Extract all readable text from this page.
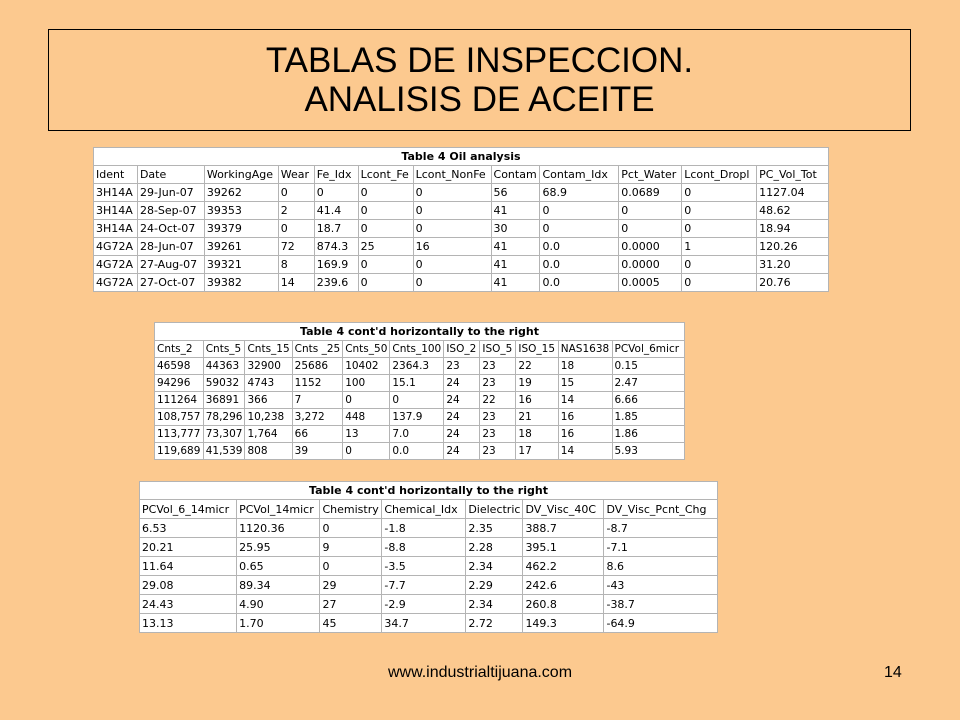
TABLAS DE INSPECCION.
ANALISIS DE ACEITE
Table 4 Oil analysis
Ident	Date	WorkingAge	Wear	Fe_Idx	Lcont_Fe	Lcont_NonFe	Contam	Contam_Idx	Pct_Water	Lcont_Dropl	PC_Vol_Tot
3H14A	29-Jun-07	39262	0	0	0	0	56	68.9	0.0689	0	1127.04
3H14A	28-Sep-07	39353	2	41.4	0	0	41	0	0	0	48.62
3H14A	24-Oct-07	39379	0	18.7	0	0	30	0	0	0	18.94
4G72A	28-Jun-07	39261	72	874.3	25	16	41	0.0	0.0000	1	120.26
4G72A	27-Aug-07	39321	8	169.9	0	0	41	0.0	0.0000	0	31.20
4G72A	27-Oct-07	39382	14	239.6	0	0	41	0.0	0.0005	0	20.76
Table 4 cont'd horizontally to the right
Cnts_2	Cnts_5	Cnts_15	Cnts _25	Cnts_50	Cnts_100	ISO_2	ISO_5	ISO_15	NAS1638	PCVol_6micr
46598	44363	32900	25686	10402	2364.3	23	23	22	18	0.15
94296	59032	4743	1152	100	15.1	24	23	19	15	2.47
111264	36891	366	7	0	0	24	22	16	14	6.66
108,757	78,296	10,238	3,272	448	137.9	24	23	21	16	1.85
113,777	73,307	1,764	66	13	7.0	24	23	18	16	1.86
119,689	41,539	808	39	0	0.0	24	23	17	14	5.93
Table 4 cont'd horizontally to the right
PCVol_6_14micr	PCVol_14micr	Chemistry	Chemical_Idx	Dielectric	DV_Visc_40C	DV_Visc_Pcnt_Chg
6.53	1120.36	0	-1.8	2.35	388.7	-8.7
20.21	25.95	9	-8.8	2.28	395.1	-7.1
11.64	0.65	0	-3.5	2.34	462.2	8.6
29.08	89.34	29	-7.7	2.29	242.6	-43
24.43	4.90	27	-2.9	2.34	260.8	-38.7
13.13	1.70	45	34.7	2.72	149.3	-64.9
www.industrialtijuana.com	14
